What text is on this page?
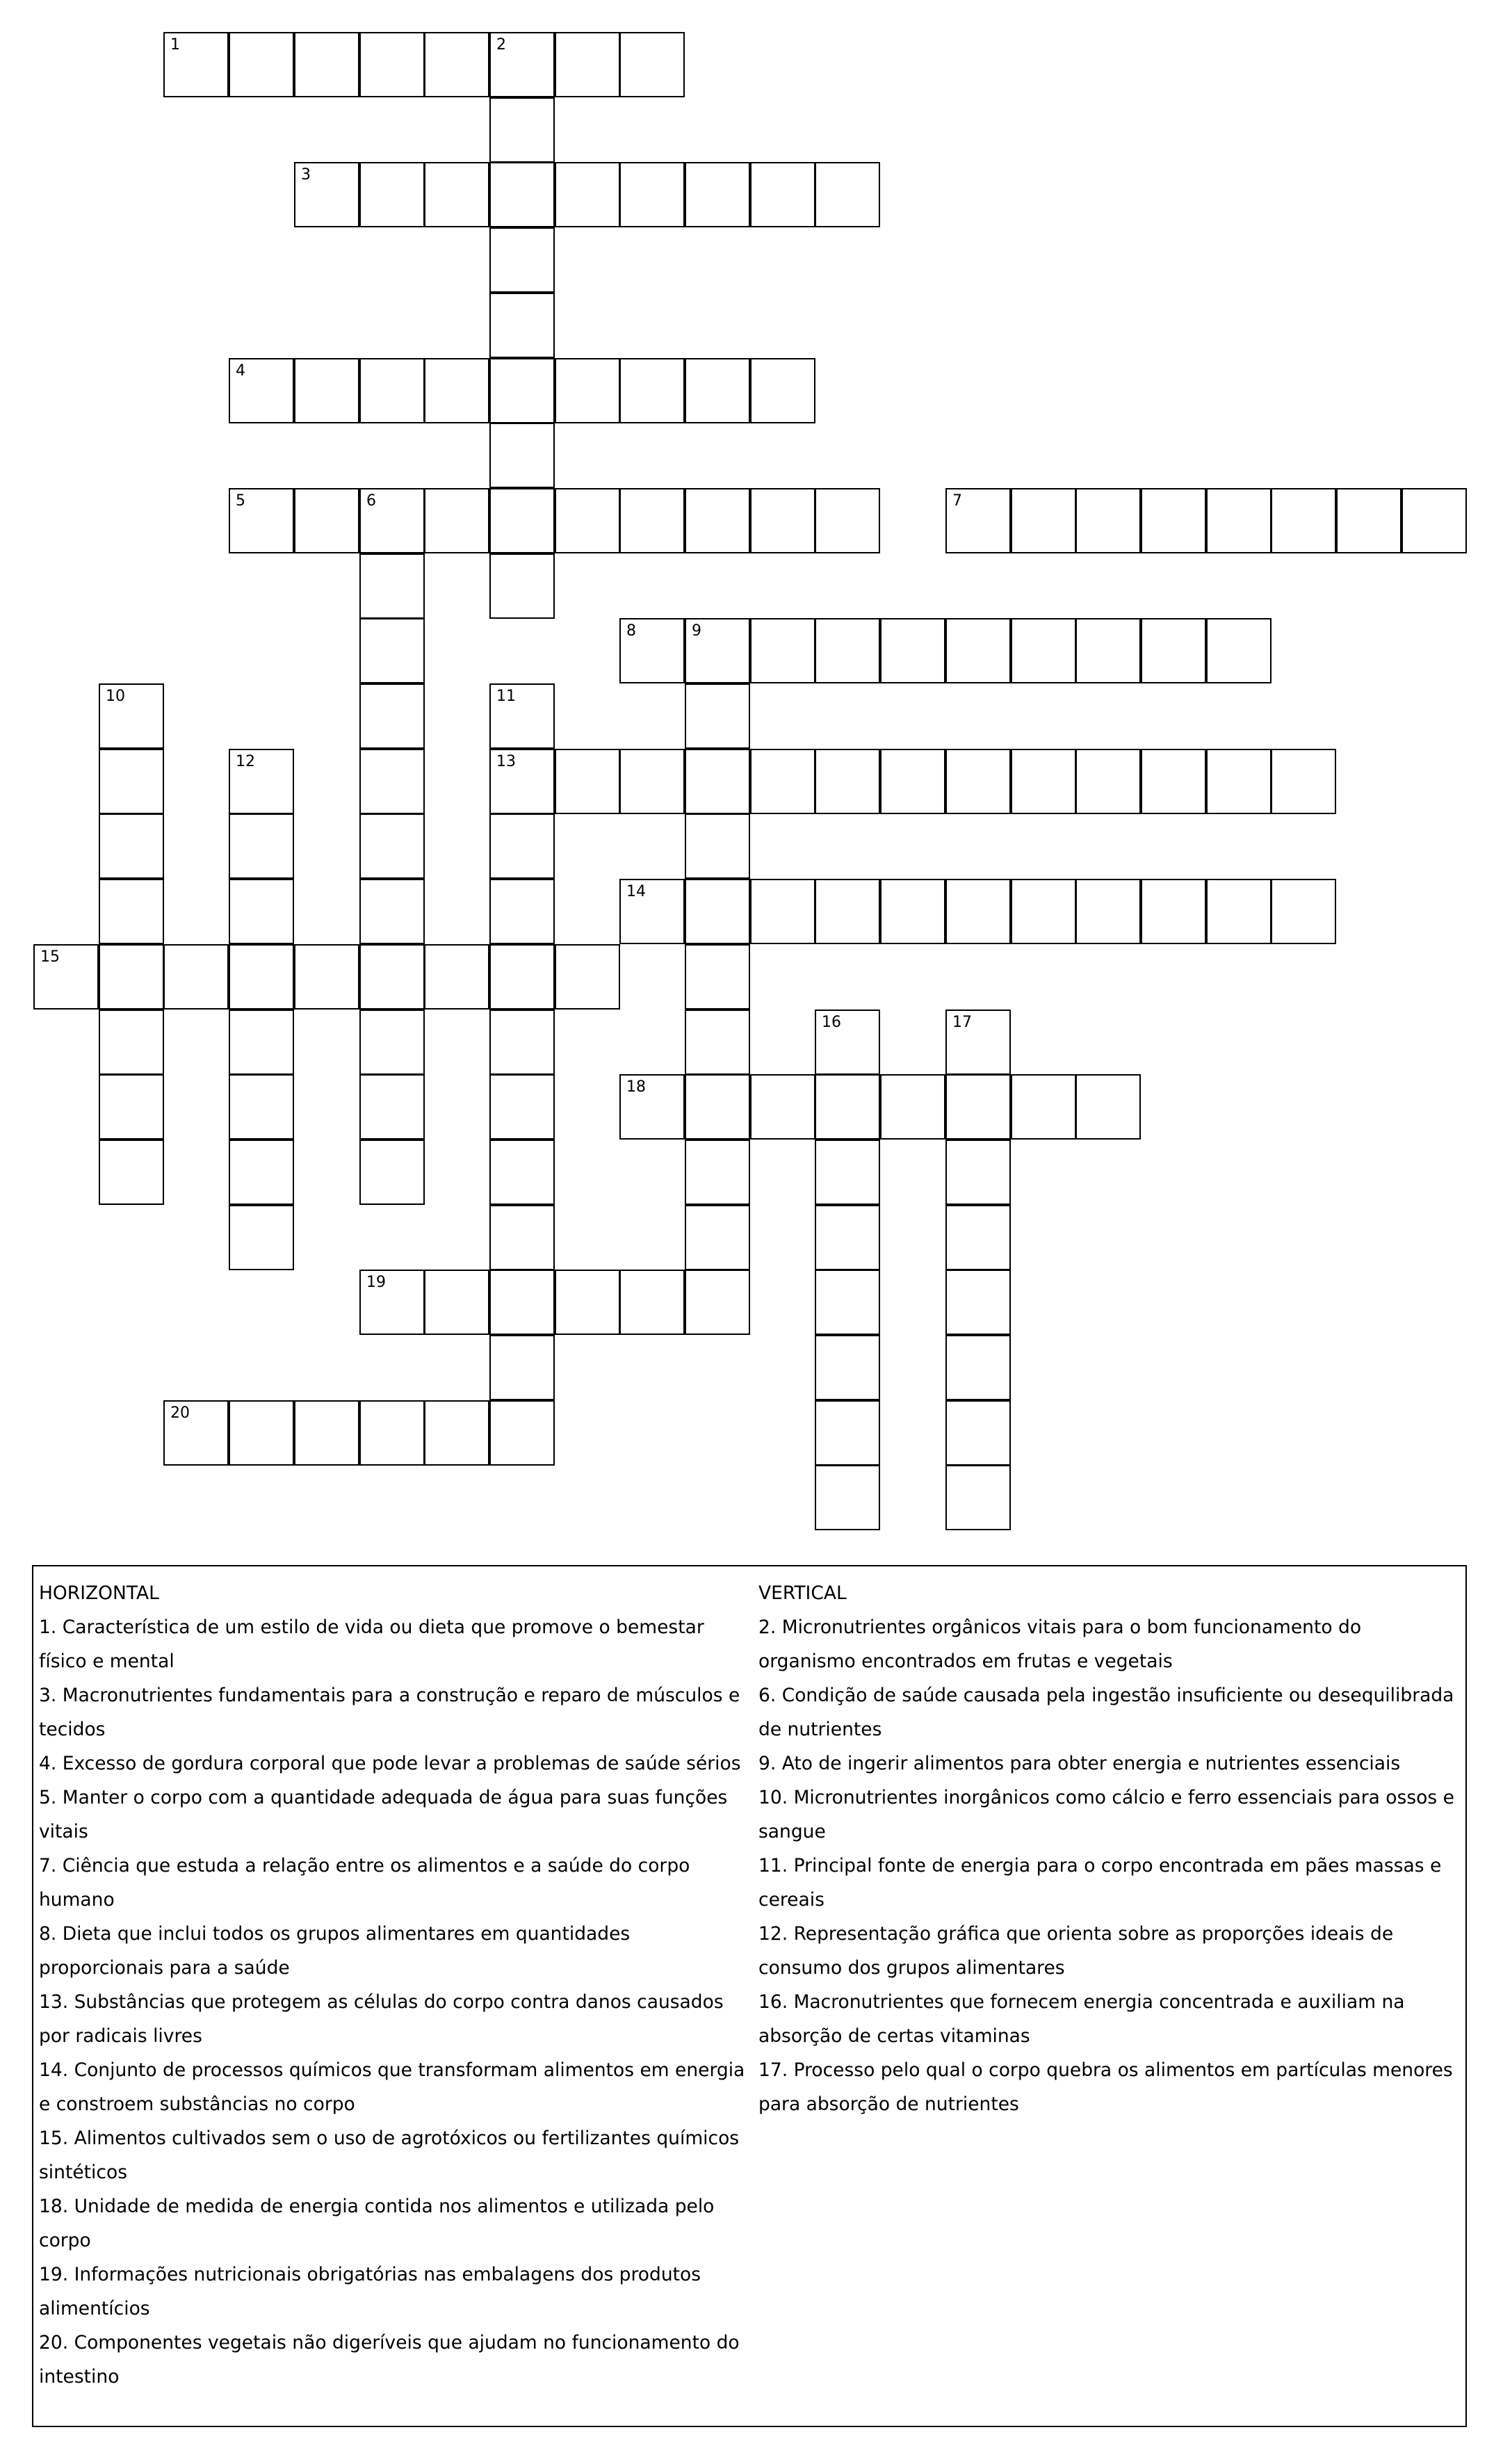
1	2
3
4
5	6	7
8	9
10	11
13
12
14
15
16	17
18
19
20
HORIZONTAL
1. Característica de um estilo de vida ou dieta que promove o bemestar
físico e mental
3. Macronutrientes fundamentais para a construção e reparo de músculos e
tecidos
4. Excesso de gordura corporal que pode levar a problemas de saúde sérios
5. Manter o corpo com a quantidade adequada de água para suas funções
vitais
7. Ciência que estuda a relação entre os alimentos e a saúde do corpo
humano
8. Dieta que inclui todos os grupos alimentares em quantidades
proporcionais para a saúde
13. Substâncias que protegem as células do corpo contra danos causados
por radicais livres
14. Conjunto de processos químicos que transformam alimentos em energia
e constroem substâncias no corpo
15. Alimentos cultivados sem o uso de agrotóxicos ou fertilizantes químicos
sintéticos
18. Unidade de medida de energia contida nos alimentos e utilizada pelo
corpo
19. Informações nutricionais obrigatórias nas embalagens dos produtos
alimentícios
20. Componentes vegetais não digeríveis que ajudam no funcionamento do
intestino
VERTICAL
2. Micronutrientes orgânicos vitais para o bom funcionamento do
organismo encontrados em frutas e vegetais
6. Condição de saúde causada pela ingestão insuficiente ou desequilibrada
de nutrientes
9. Ato de ingerir alimentos para obter energia e nutrientes essenciais
10. Micronutrientes inorgânicos como cálcio e ferro essenciais para ossos e
sangue
11. Principal fonte de energia para o corpo encontrada em pães massas e
cereais
12. Representação gráfica que orienta sobre as proporções ideais de
consumo dos grupos alimentares
16. Macronutrientes que fornecem energia concentrada e auxiliam na
absorção de certas vitaminas
17. Processo pelo qual o corpo quebra os alimentos em partículas menores
para absorção de nutrientes
